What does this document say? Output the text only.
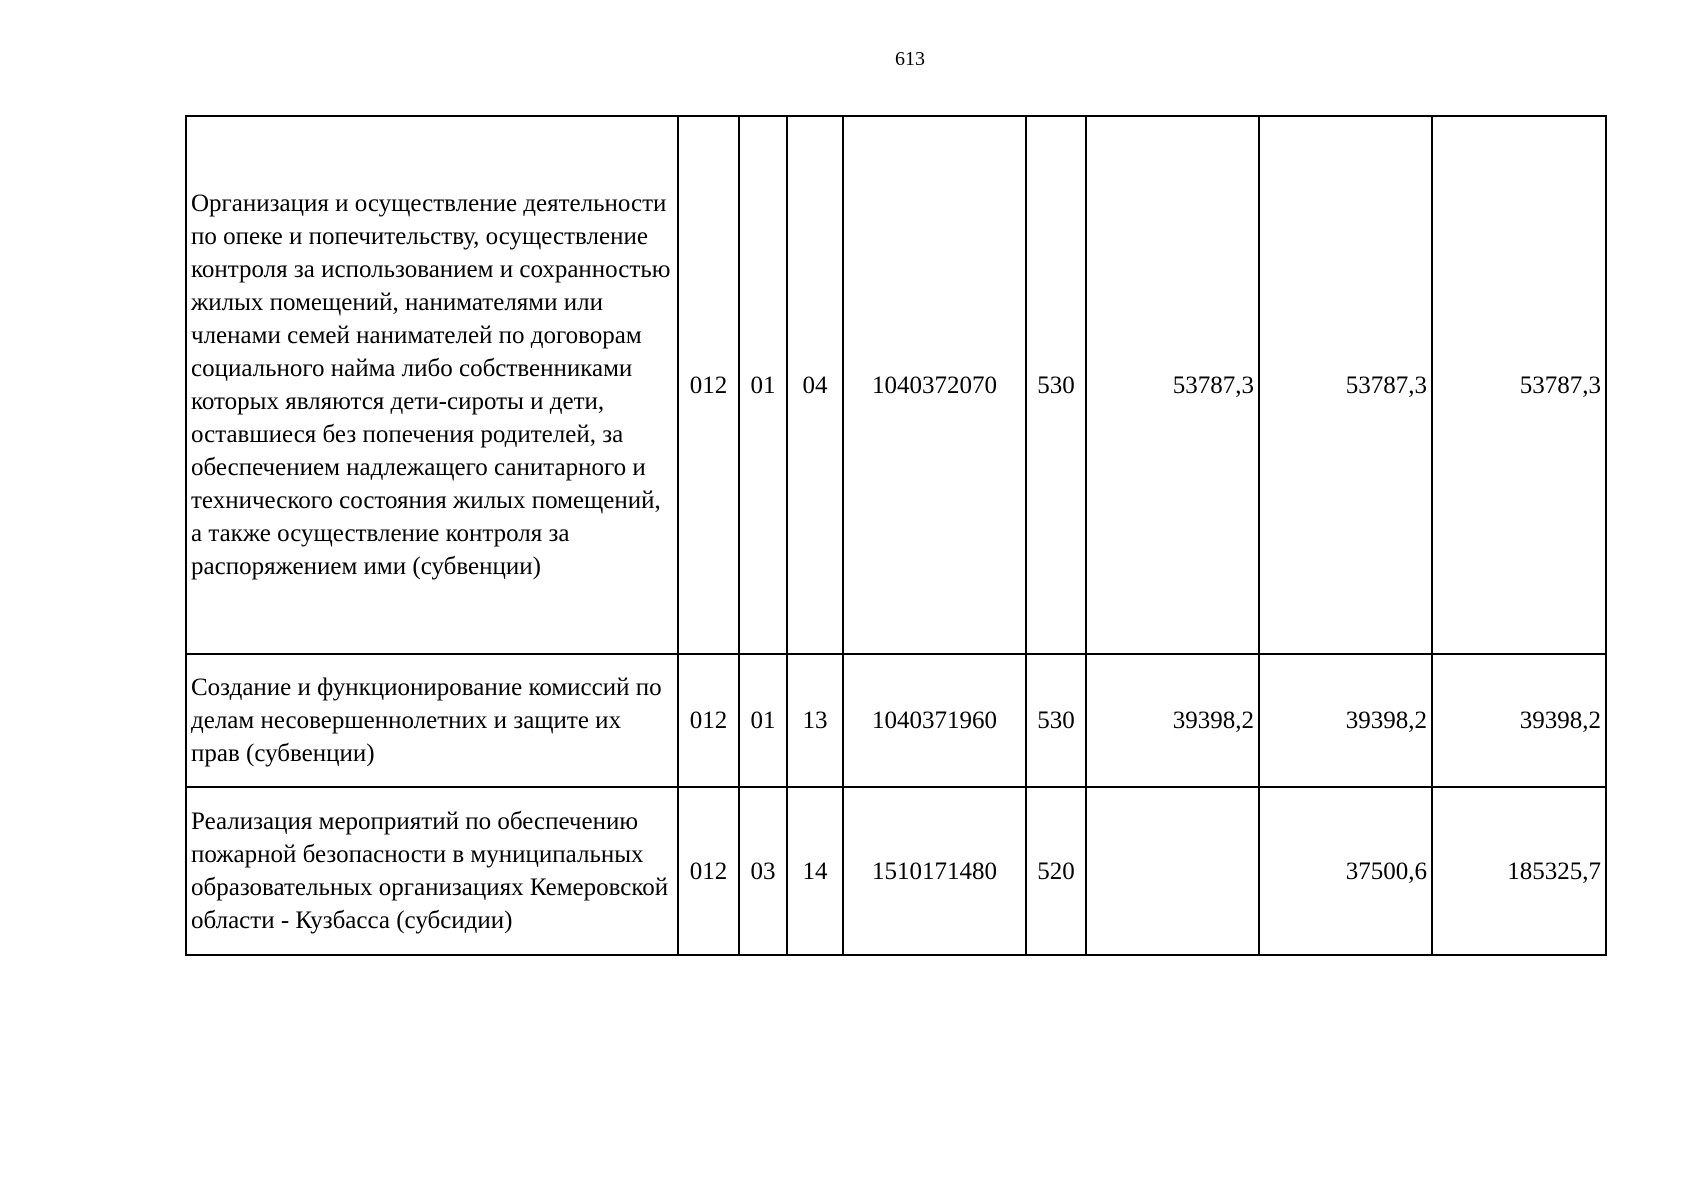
613
Организация и осуществление деятельности по опеке и попечительству, осуществление контроля за использованием и сохранностью жилых помещений, нанимателями или членами семей нанимателей по договорам социального найма либо собственниками которых являются дети-сироты и дети, оставшиеся без попечения родителей, за обеспечением надлежащего санитарного и технического состояния жилых помещений, а также осуществление контроля за распоряжением ими (субвенции)	012	01	04	1040372070	530	53787,3	53787,3	53787,3
Создание и функционирование комиссий по делам несовершеннолетних и защите их прав (субвенции)	012	01	13	1040371960	530	39398,2	39398,2	39398,2
Реализация мероприятий по обеспечению пожарной безопасности в муниципальных образовательных организациях Кемеровской области - Кузбасса (субсидии)	012	03	14	1510171480	520		37500,6	185325,7
